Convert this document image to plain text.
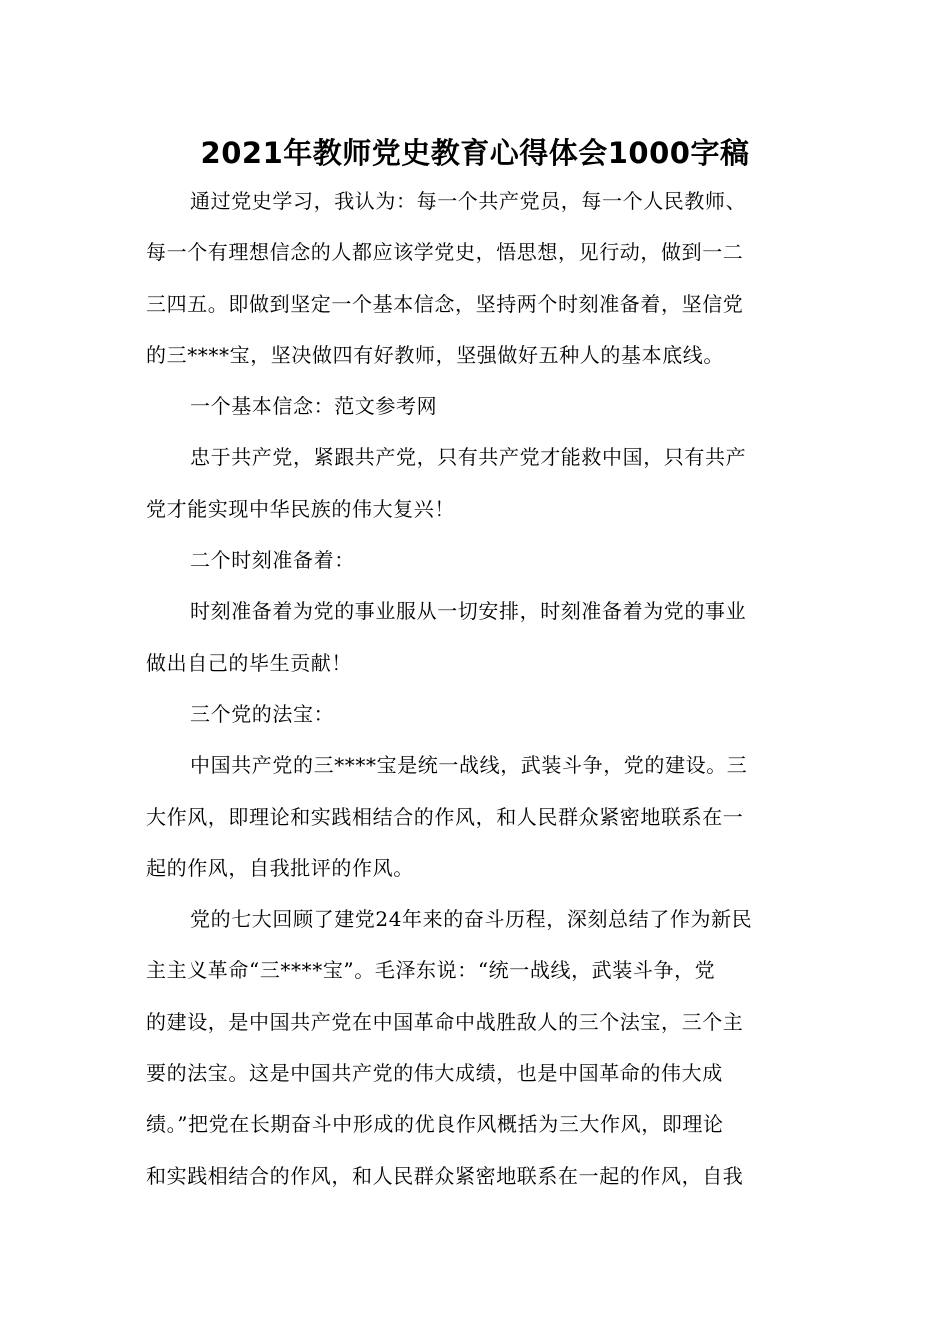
2021年教师党史教育心得体会1000字稿
通过党史学习，我认为：每一个共产党员，每一个人民教师、
每一个有理想信念的人都应该学党史，悟思想，见行动，做到一二
三四五。即做到坚定一个基本信念，坚持两个时刻准备着，坚信党
的三****宝，坚决做四有好教师，坚强做好五种人的基本底线。
一个基本信念：范文参考网
忠于共产党，紧跟共产党，只有共产党才能救中国，只有共产
党才能实现中华民族的伟大复兴！
二个时刻准备着：
时刻准备着为党的事业服从一切安排，时刻准备着为党的事业
做出自己的毕生贡献！
三个党的法宝：
中国共产党的三****宝是统一战线，武装斗争，党的建设。三
大作风，即理论和实践相结合的作风，和人民群众紧密地联系在一
起的作风，自我批评的作风。
党的七大回顾了建党24年来的奋斗历程，深刻总结了作为新民
主主义革命“三****宝”。毛泽东说：“统一战线，武装斗争，党
的建设，是中国共产党在中国革命中战胜敌人的三个法宝，三个主
要的法宝。这是中国共产党的伟大成绩，也是中国革命的伟大成
绩。”把党在长期奋斗中形成的优良作风概括为三大作风，即理论
和实践相结合的作风，和人民群众紧密地联系在一起的作风，自我
